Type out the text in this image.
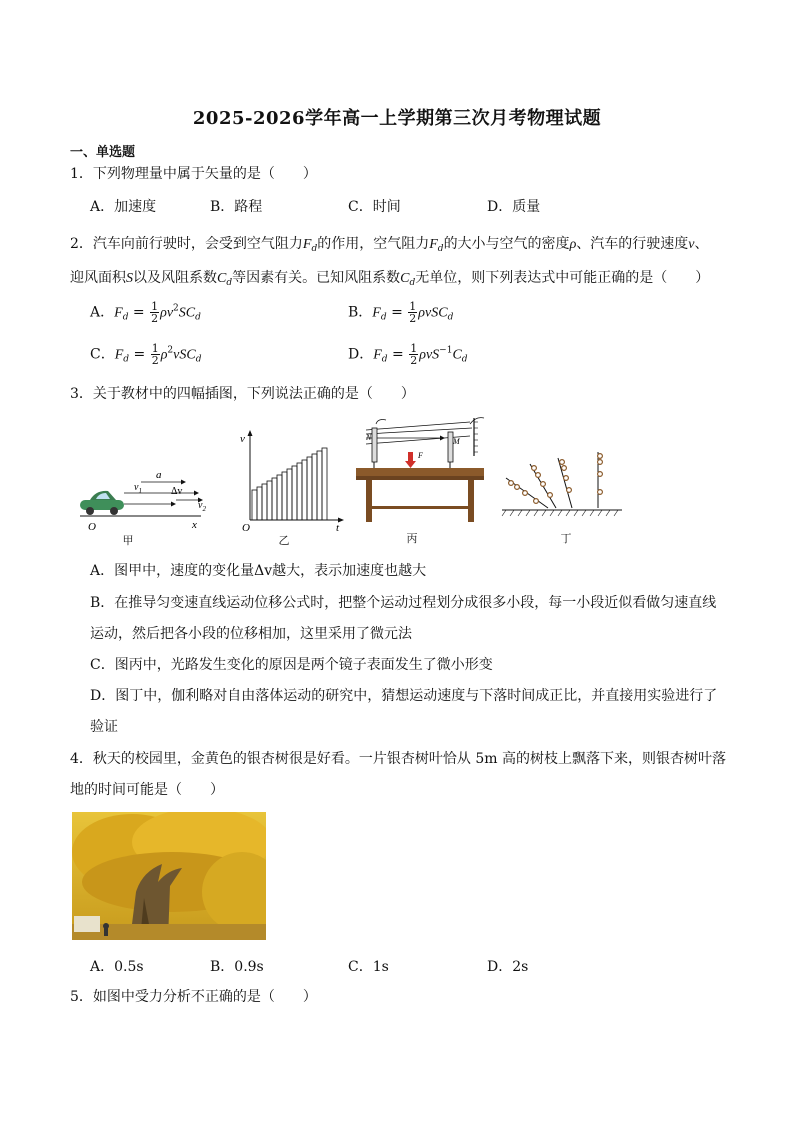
2025-2026学年高一上学期第三次月考物理试题
一、单选题
1．下列物理量中属于矢量的是（　　）
A．加速度	B．路程	C．时间	D．质量
2．汽车向前行驶时，会受到空气阻力$F_d$的作用，空气阻力$F_d$的大小与空气的密度ρ、汽车的行驶速度v、
迎风面积S以及风阻系数$C_d$等因素有关。已知风阻系数$C_d$无单位，则下列表达式中可能正确的是（　　）
A．$F_d = \frac{1}{2} \rho v^2SC_d$	B．$F_d = \frac{1}{2} \rho vSC_d$
C．$F_d = \frac{1}{2} \rho^2vSC_d$	D．$F_d = \frac{1}{2} \rho vS^{-1}C_d$
3．关于教材中的四幅插图，下列说法正确的是（　　）
a
$v_1$	Δv
$v_2$
O	x
甲
v
O	t
乙
N	M
F
丙	丁
A．图甲中，速度的变化量Δv越大，表示加速度也越大
B．在推导匀变速直线运动位移公式时，把整个运动过程划分成很多小段，每一小段近似看做匀速直线
运动，然后把各小段的位移相加，这里采用了微元法
C．图丙中，光路发生变化的原因是两个镜子表面发生了微小形变
D．图丁中，伽利略对自由落体运动的研究中，猜想运动速度与下落时间成正比，并直接用实验进行了
验证
4．秋天的校园里，金黄色的银杏树很是好看。一片银杏树叶恰从 5m 高的树枝上飘落下来，则银杏树叶落
地的时间可能是（　　）
A．0.5s	B．0.9s	C．1s	D．2s
5．如图中受力分析不正确的是（　　）
